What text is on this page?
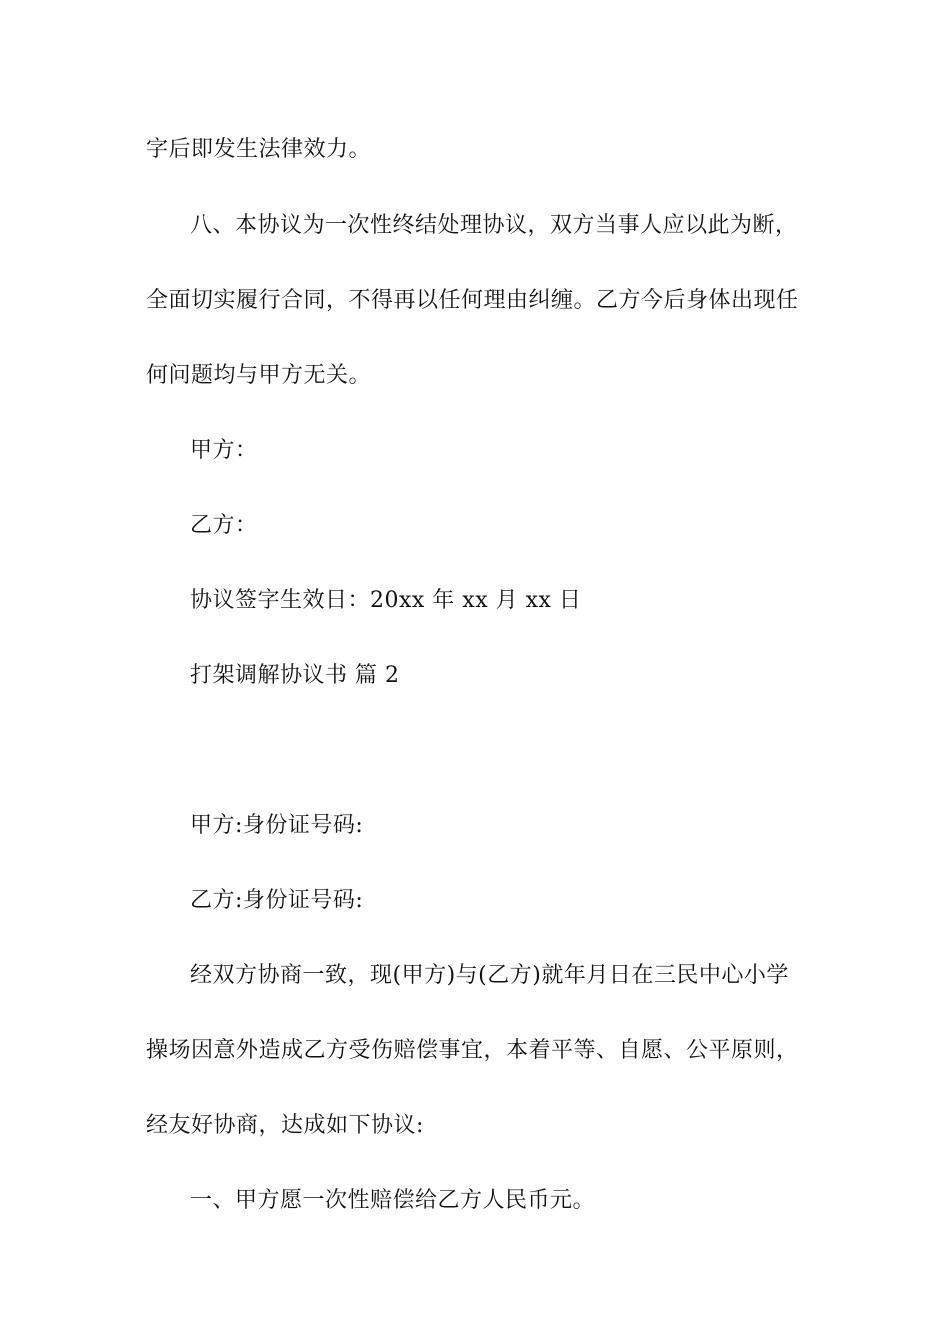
字后即发生法律效力。
八、本协议为一次性终结处理协议，双方当事人应以此为断，
全面切实履行合同，不得再以任何理由纠缠。乙方今后身体出现任
何问题均与甲方无关。
甲方：
乙方：
协议签字生效日：20xx 年 xx 月 xx 日
打架调解协议书 篇 2
甲方:身份证号码:
乙方:身份证号码:
经双方协商一致，现(甲方)与(乙方)就年月日在三民中心小学
操场因意外造成乙方受伤赔偿事宜，本着平等、自愿、公平原则，
经友好协商，达成如下协议:
一、甲方愿一次性赔偿给乙方人民币元。
